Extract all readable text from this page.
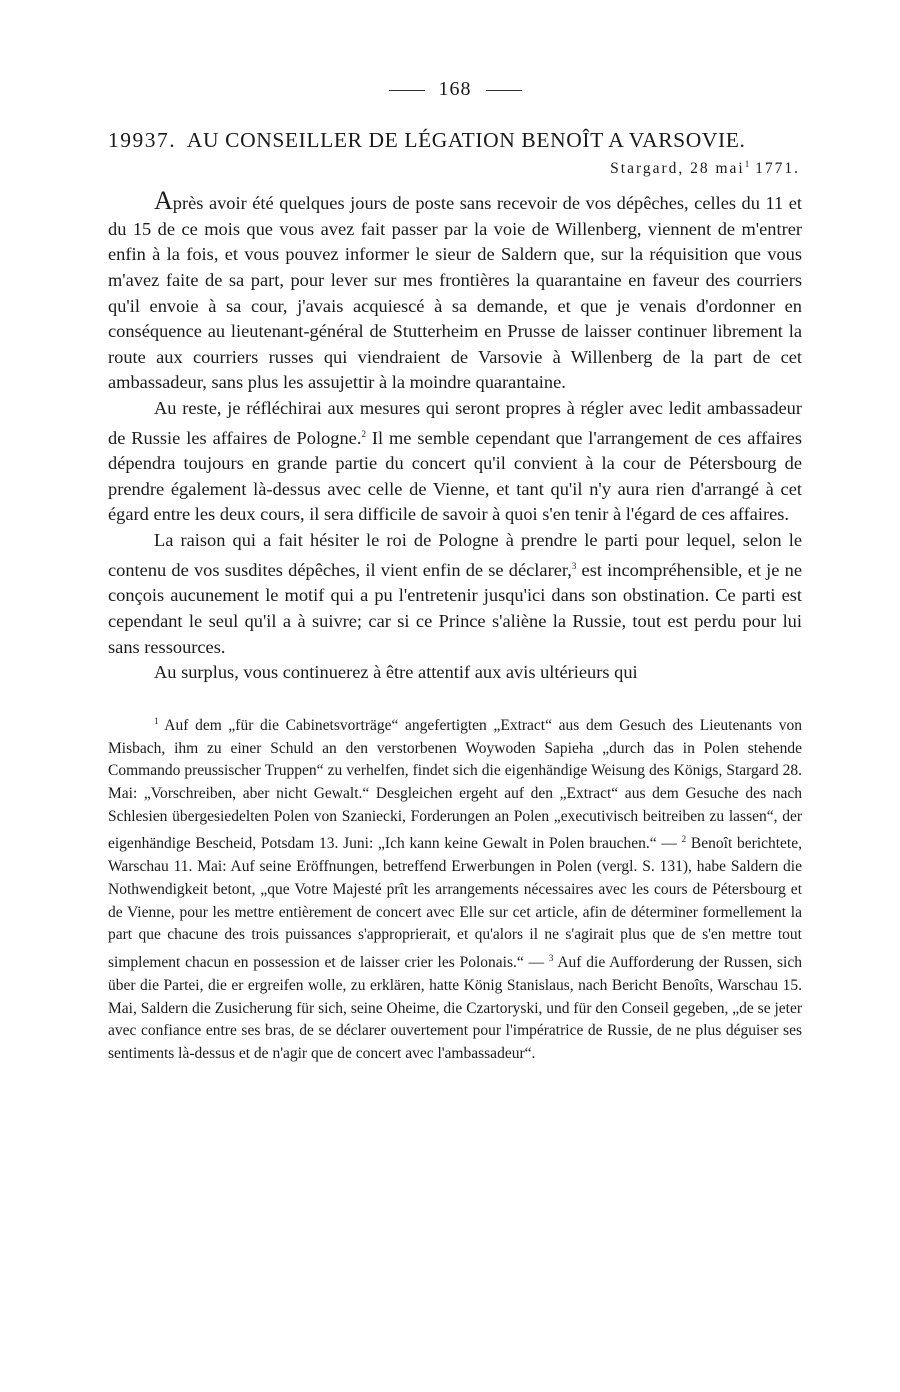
168
19937. AU CONSEILLER DE LÉGATION BENOÎT A VARSOVIE.
Stargard, 28 mai$^1$ 1771.

Après avoir été quelques jours de poste sans recevoir de vos dépêches, celles du 11 et du 15 de ce mois que vous avez fait passer par la voie de Willenberg, viennent de m'entrer enfin à la fois, et vous pouvez informer le sieur de Saldern que, sur la réquisition que vous m'avez faite de sa part, pour lever sur mes frontières la quarantaine en faveur des courriers qu'il envoie à sa cour, j'avais acquiescé à sa demande, et que je venais d'ordonner en conséquence au lieutenant-général de Stutterheim en Prusse de laisser continuer librement la route aux courriers russes qui viendraient de Varsovie à Willenberg de la part de cet ambassadeur, sans plus les assujettir à la moindre quarantaine.

Au reste, je réfléchirai aux mesures qui seront propres à régler avec ledit ambassadeur de Russie les affaires de Pologne.$^2$ Il me semble cependant que l'arrangement de ces affaires dépendra toujours en grande partie du concert qu'il convient à la cour de Pétersbourg de prendre également là-dessus avec celle de Vienne, et tant qu'il n'y aura rien d'arrangé à cet égard entre les deux cours, il sera difficile de savoir à quoi s'en tenir à l'égard de ces affaires.

La raison qui a fait hésiter le roi de Pologne à prendre le parti pour lequel, selon le contenu de vos susdites dépêches, il vient enfin de se déclarer,$^3$ est incompréhensible, et je ne conçois aucunement le motif qui a pu l'entretenir jusqu'ici dans son obstination. Ce parti est cependant le seul qu'il a à suivre; car si ce Prince s'aliène la Russie, tout est perdu pour lui sans ressources.

Au surplus, vous continuerez à être attentif aux avis ultérieurs qui

$^1$ Auf dem „für die Cabinetsvorträge“ angefertigten „Extract“ aus dem Gesuch des Lieutenants von Misbach, ihm zu einer Schuld an den verstorbenen Woywoden Sapieha „durch das in Polen stehende Commando preussischer Truppen“ zu verhelfen, findet sich die eigenhändige Weisung des Königs, Stargard 28. Mai: „Vorschreiben, aber nicht Gewalt.“ Desgleichen ergeht auf den „Extract“ aus dem Gesuche des nach Schlesien übergesiedelten Polen von Szaniecki, Forderungen an Polen „executivisch beitreiben zu lassen“, der eigenhändige Bescheid, Potsdam 13. Juni: „Ich kann keine Gewalt in Polen brauchen.“ — $^2$ Benoît berichtete, Warschau 11. Mai: Auf seine Eröffnungen, betreffend Erwerbungen in Polen (vergl. S. 131), habe Saldern die Nothwendigkeit betont, „que Votre Majesté prît les arrangements nécessaires avec les cours de Pétersbourg et de Vienne, pour les mettre entièrement de concert avec Elle sur cet article, afin de déterminer formellement la part que chacune des trois puissances s'approprierait, et qu'alors il ne s'agirait plus que de s'en mettre tout simplement chacun en possession et de laisser crier les Polonais.“ — $^3$ Auf die Aufforderung der Russen, sich über die Partei, die er ergreifen wolle, zu erklären, hatte König Stanislaus, nach Bericht Benoîts, Warschau 15. Mai, Saldern die Zusicherung für sich, seine Oheime, die Czartoryski, und für den Conseil gegeben, „de se jeter avec confiance entre ses bras, de se déclarer ouvertement pour l'impératrice de Russie, de ne plus déguiser ses sentiments là-dessus et de n'agir que de concert avec l'ambassadeur“.
